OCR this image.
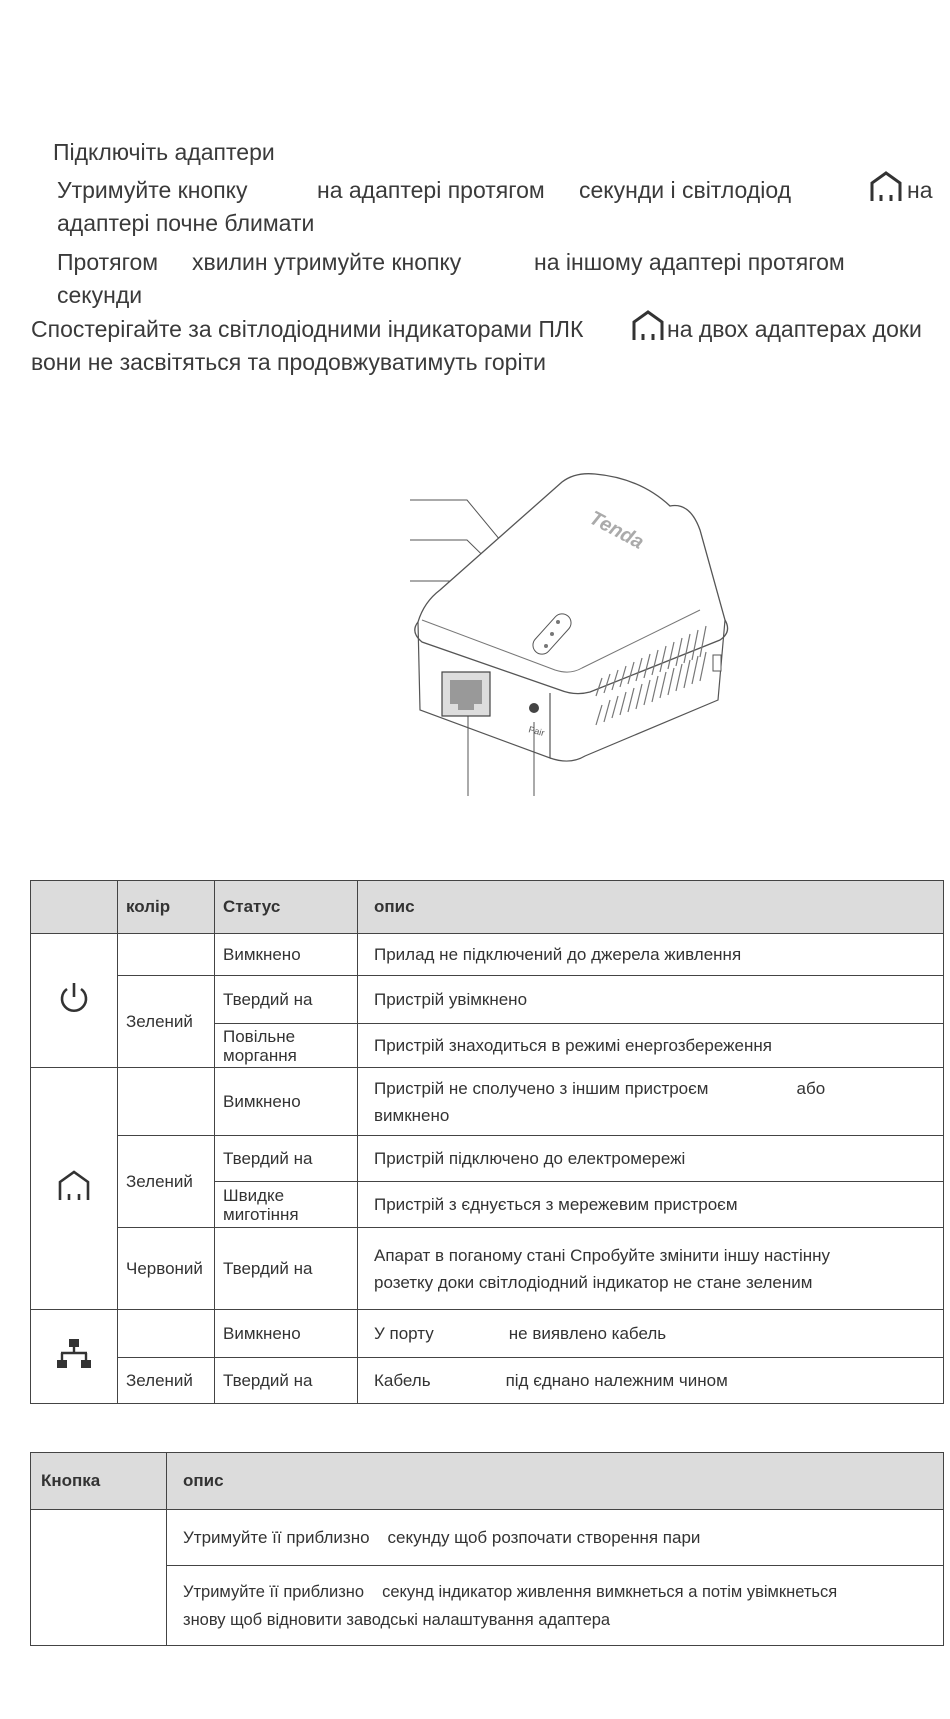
Підключіть адаптери
Утримуйте кнопку	на адаптері протягом секунди і світлодіод	на
адаптері почне блимати
Протягом хвилин утримуйте кнопку	на іншому адаптері протягом
секунди
Спостерігайте за світлодіодними індикаторами ПЛК	на двох адаптерах доки
вони не засвітяться та продовжуватимуть горіти
Tenda
Pair
	колір	Статус	опис
		Вимкнено	Прилад не підключений до джерела живлення
	Зелений	Твердий на	Пристрій увімкнено
		Повільне моргання	Пристрій знаходиться в режимі енергозбереження
		Вимкнено	Пристрій не сполучено з іншим пристроєм або
вимкнено
	Зелений	Твердий на	Пристрій підключено до електромережі
		Швидке миготіння	Пристрій з єднується з мережевим пристроєм
	Червоний	Твердий на	Апарат в поганому стані Спробуйте змінити іншу настінну
розетку доки світлодіодний індикатор не стане зеленим
		Вимкнено	У порту не виявлено кабель
	Зелений	Твердий на	Кабель під єднано належним чином
Кнопка	опис
	Утримуйте її приблизно секунду щоб розпочати створення пари
	Утримуйте її приблизно секунд індикатор живлення вимкнеться а потім увімкнеться
знову щоб відновити заводські налаштування адаптера
